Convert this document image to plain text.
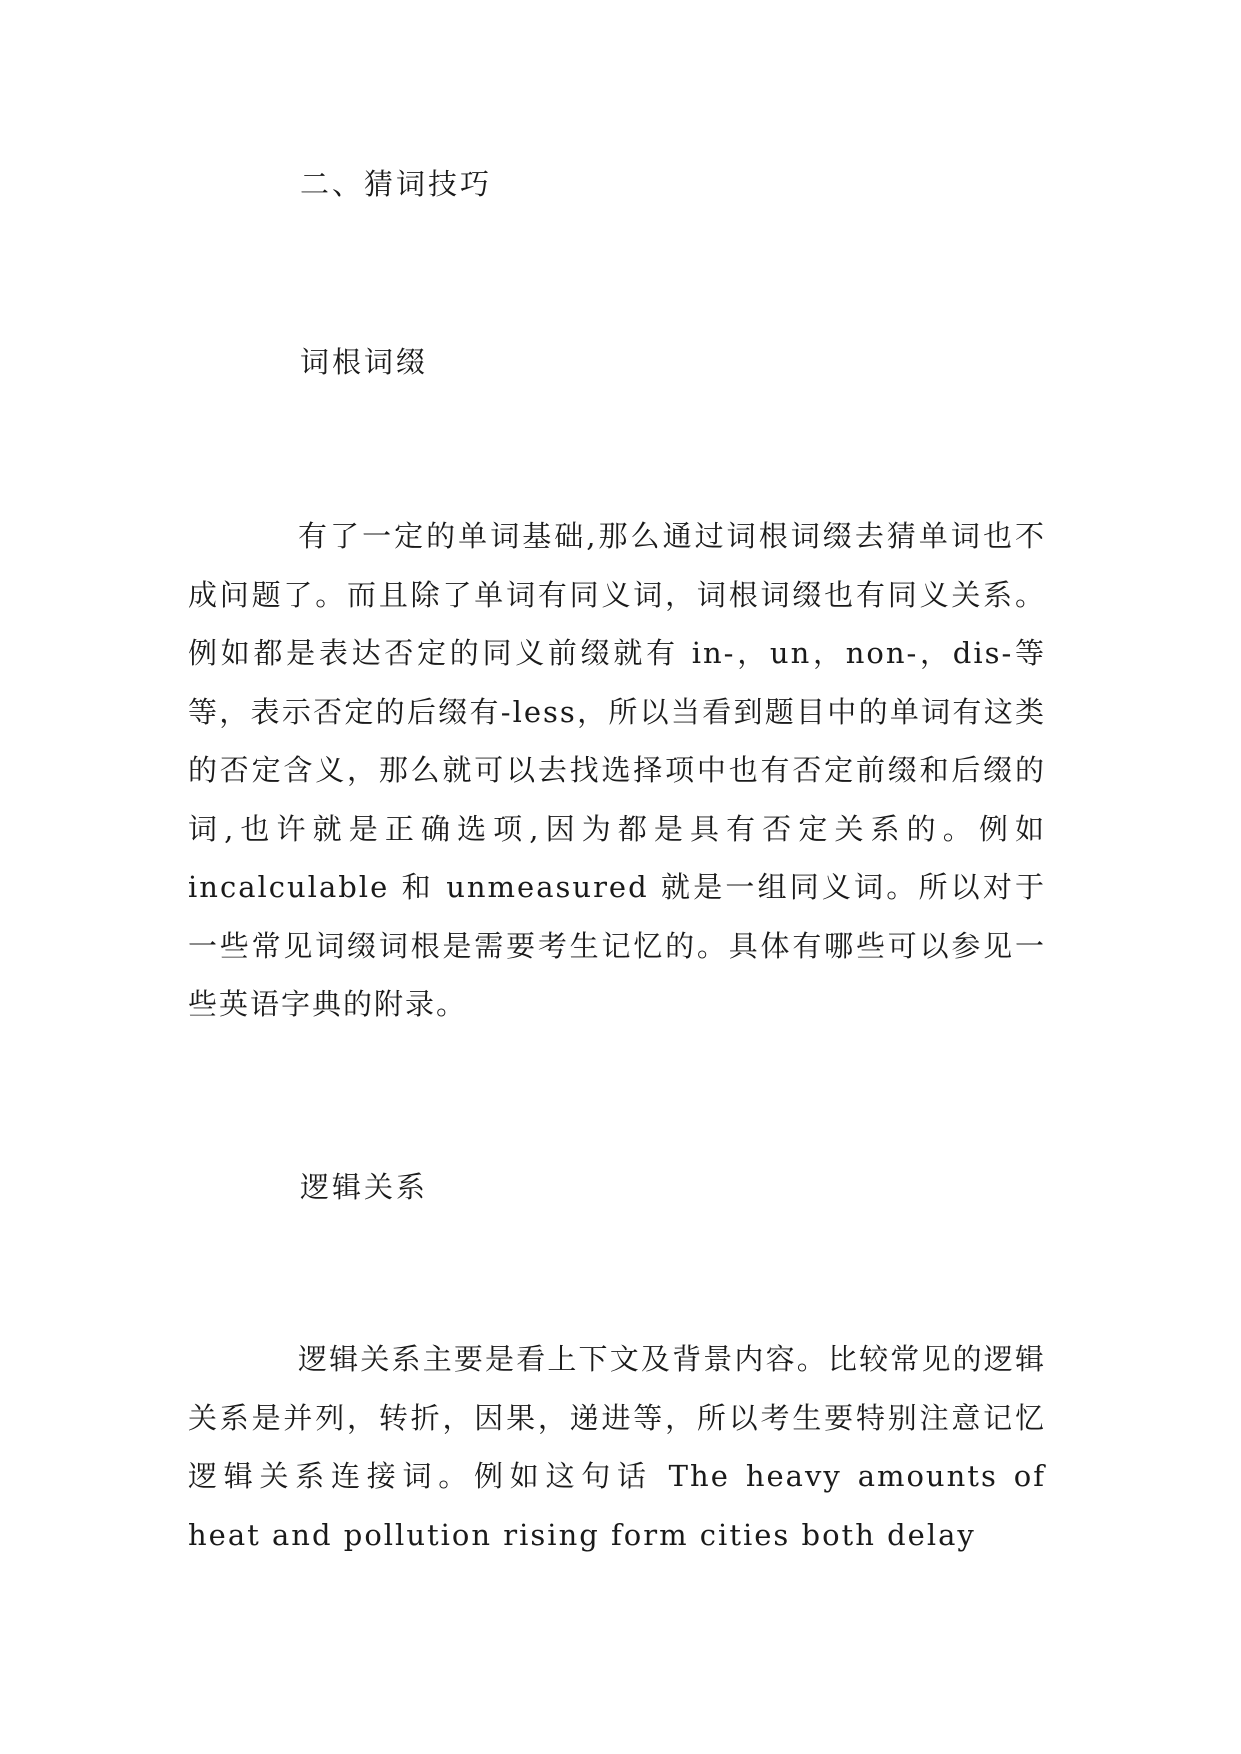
二、猜词技巧
词根词缀

有了一定的单词基础,那么通过词根词缀去猜单词也不成问题了。而且除了单词有同义词，词根词缀也有同义关系。例如都是表达否定的同义前缀就有 in-，un，non-，dis-等等，表示否定的后缀有-less，所以当看到题目中的单词有这类的否定含义，那么就可以去找选择项中也有否定前缀和后缀的词,也许就是正确选项,因为都是具有否定关系的。例如 incalculable 和 unmeasured 就是一组同义词。所以对于一些常见词缀词根是需要考生记忆的。具体有哪些可以参见一些英语字典的附录。

逻辑关系

逻辑关系主要是看上下文及背景内容。比较常见的逻辑关系是并列，转折，因果，递进等，所以考生要特别注意记忆逻辑关系连接词。例如这句话 The heavy amounts of heat and pollution rising form cities both delay
